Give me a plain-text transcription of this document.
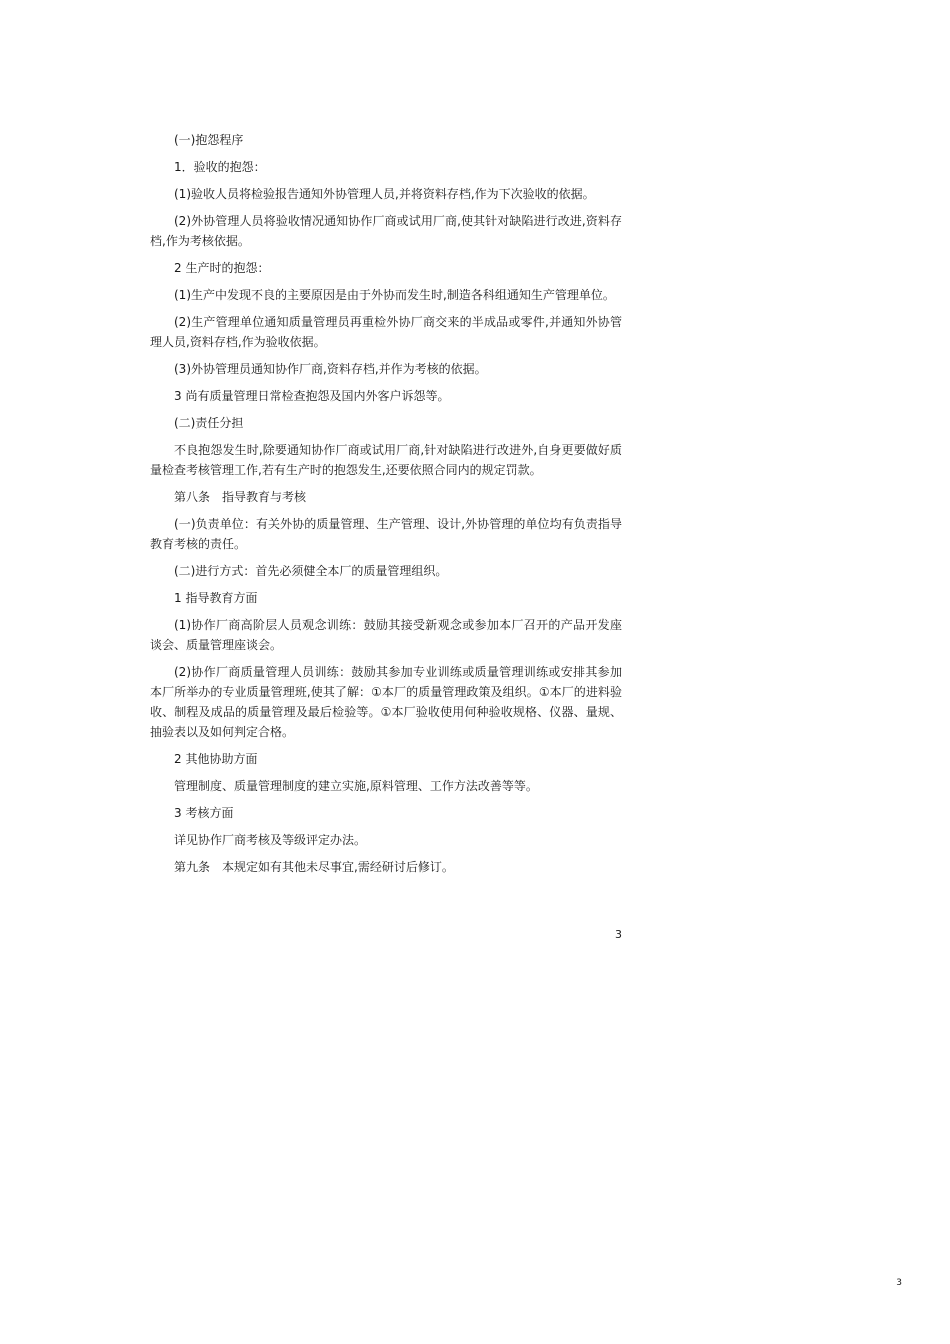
(一)抱怨程序

1．验收的抱怨：

(1)验收人员将检验报告通知外协管理人员,并将资料存档,作为下次验收的依据。

(2)外协管理人员将验收情况通知协作厂商或试用厂商,使其针对缺陷进行改进,资料存档,作为考核依据。

2 生产时的抱怨：

(1)生产中发现不良的主要原因是由于外协而发生时,制造各科组通知生产管理单位。

(2)生产管理单位通知质量管理员再重检外协厂商交来的半成品或零件,并通知外协管理人员,资料存档,作为验收依据。

(3)外协管理员通知协作厂商,资料存档,并作为考核的依据。

3 尚有质量管理日常检查抱怨及国内外客户诉怨等。

(二)责任分担

不良抱怨发生时,除要通知协作厂商或试用厂商,针对缺陷进行改进外,自身更要做好质量检查考核管理工作,若有生产时的抱怨发生,还要依照合同内的规定罚款。

第八条　指导教育与考核

(一)负责单位：有关外协的质量管理、生产管理、设计,外协管理的单位均有负责指导教育考核的责任。

(二)进行方式：首先必须健全本厂的质量管理组织。

1 指导教育方面

(1)协作厂商高阶层人员观念训练：鼓励其接受新观念或参加本厂召开的产品开发座谈会、质量管理座谈会。

(2)协作厂商质量管理人员训练：鼓励其参加专业训练或质量管理训练或安排其参加本厂所举办的专业质量管理班,使其了解：①本厂的质量管理政策及组织。①本厂的进料验收、制程及成品的质量管理及最后检验等。①本厂验收使用何种验收规格、仪器、量规、抽验表以及如何判定合格。

2 其他协助方面

管理制度、质量管理制度的建立实施,原料管理、工作方法改善等等。

3 考核方面

详见协作厂商考核及等级评定办法。

第九条　本规定如有其他未尽事宜,需经研讨后修订。

3
3
